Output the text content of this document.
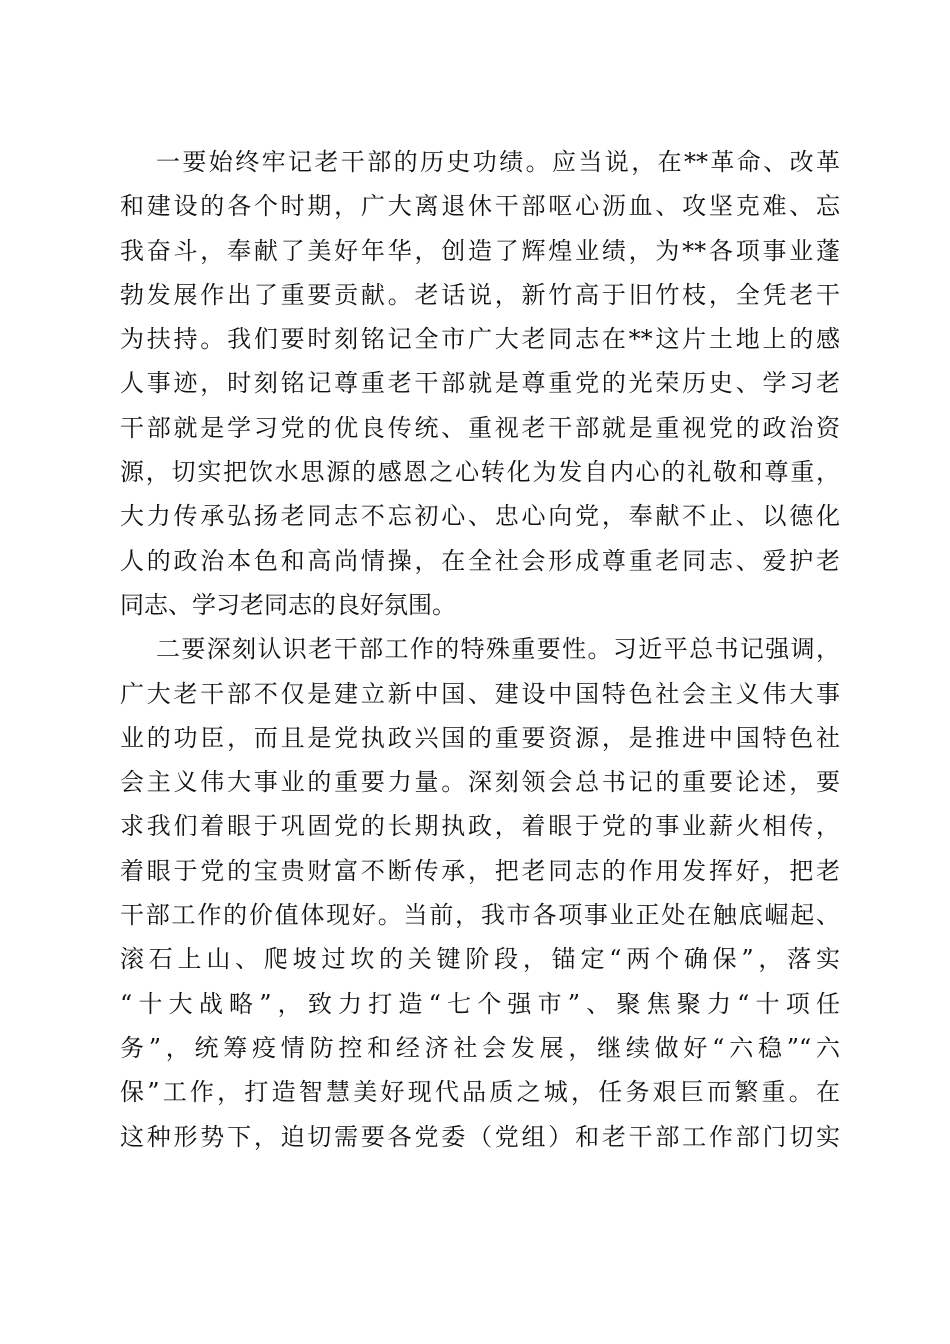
一要始终牢记老干部的历史功绩。应当说，在**革命、改革
和建设的各个时期，广大离退休干部呕心沥血、攻坚克难、忘
我奋斗，奉献了美好年华，创造了辉煌业绩，为**各项事业蓬
勃发展作出了重要贡献。老话说，新竹高于旧竹枝，全凭老干
为扶持。我们要时刻铭记全市广大老同志在**这片土地上的感
人事迹，时刻铭记尊重老干部就是尊重党的光荣历史、学习老
干部就是学习党的优良传统、重视老干部就是重视党的政治资
源，切实把饮水思源的感恩之心转化为发自内心的礼敬和尊重，
大力传承弘扬老同志不忘初心、忠心向党，奉献不止、以德化
人的政治本色和高尚情操，在全社会形成尊重老同志、爱护老
同志、学习老同志的良好氛围。
二要深刻认识老干部工作的特殊重要性。习近平总书记强调，
广大老干部不仅是建立新中国、建设中国特色社会主义伟大事
业的功臣，而且是党执政兴国的重要资源，是推进中国特色社
会主义伟大事业的重要力量。深刻领会总书记的重要论述，要
求我们着眼于巩固党的长期执政，着眼于党的事业薪火相传，
着眼于党的宝贵财富不断传承，把老同志的作用发挥好，把老
干部工作的价值体现好。当前，我市各项事业正处在触底崛起、
滚石上山、爬坡过坎的关键阶段，锚定“两个确保”，落实
“十大战略”，致力打造“七个强市”、聚焦聚力“十项任
务”，统筹疫情防控和经济社会发展，继续做好“六稳”“六
保”工作，打造智慧美好现代品质之城，任务艰巨而繁重。在
这种形势下，迫切需要各党委（党组）和老干部工作部门切实
